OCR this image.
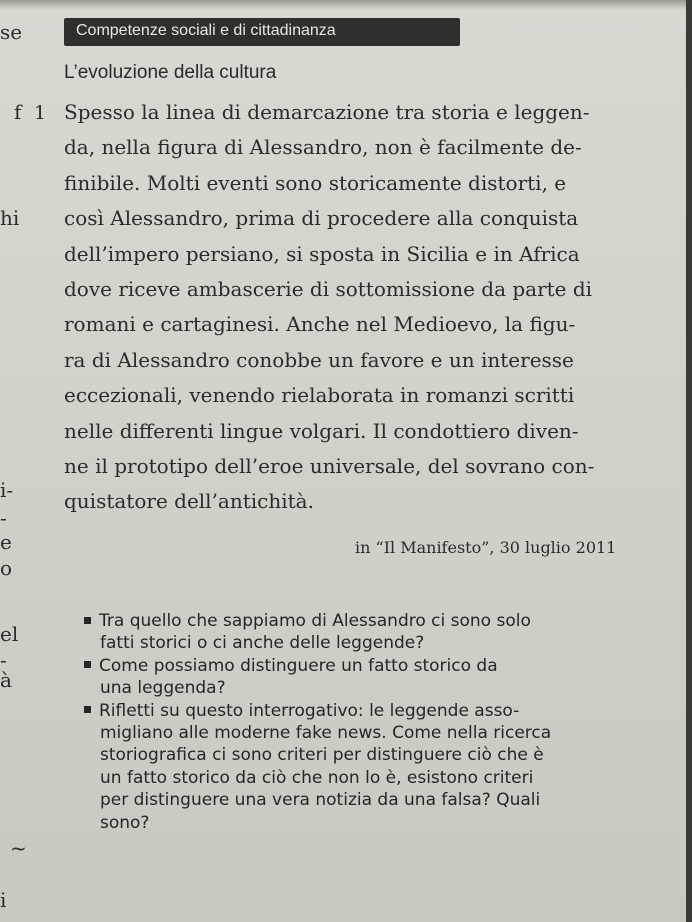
se
f
hi
i-
-
e
o
el
-
à
~
i
Competenze sociali e di cittadinanza
L’evoluzione della cultura
1 Spesso la linea di demarcazione tra storia e leggen-
da, nella figura di Alessandro, non è facilmente de-
finibile. Molti eventi sono storicamente distorti, e
così Alessandro, prima di procedere alla conquista
dell’impero persiano, si sposta in Sicilia e in Africa
dove riceve ambascerie di sottomissione da parte di
romani e cartaginesi. Anche nel Medioevo, la figu-
ra di Alessandro conobbe un favore e un interesse
eccezionali, venendo rielaborata in romanzi scritti
nelle differenti lingue volgari. Il condottiero diven-
ne il prototipo dell’eroe universale, del sovrano con-
quistatore dell’antichità.
in “Il Manifesto”, 30 luglio 2011
Tra quello che sappiamo di Alessandro ci sono solo
fatti storici o ci anche delle leggende?
Come possiamo distinguere un fatto storico da
una leggenda?
Rifletti su questo interrogativo: le leggende asso-
migliano alle moderne fake news. Come nella ricerca
storiografica ci sono criteri per distinguere ciò che è
un fatto storico da ciò che non lo è, esistono criteri
per distinguere una vera notizia da una falsa? Quali
sono?
